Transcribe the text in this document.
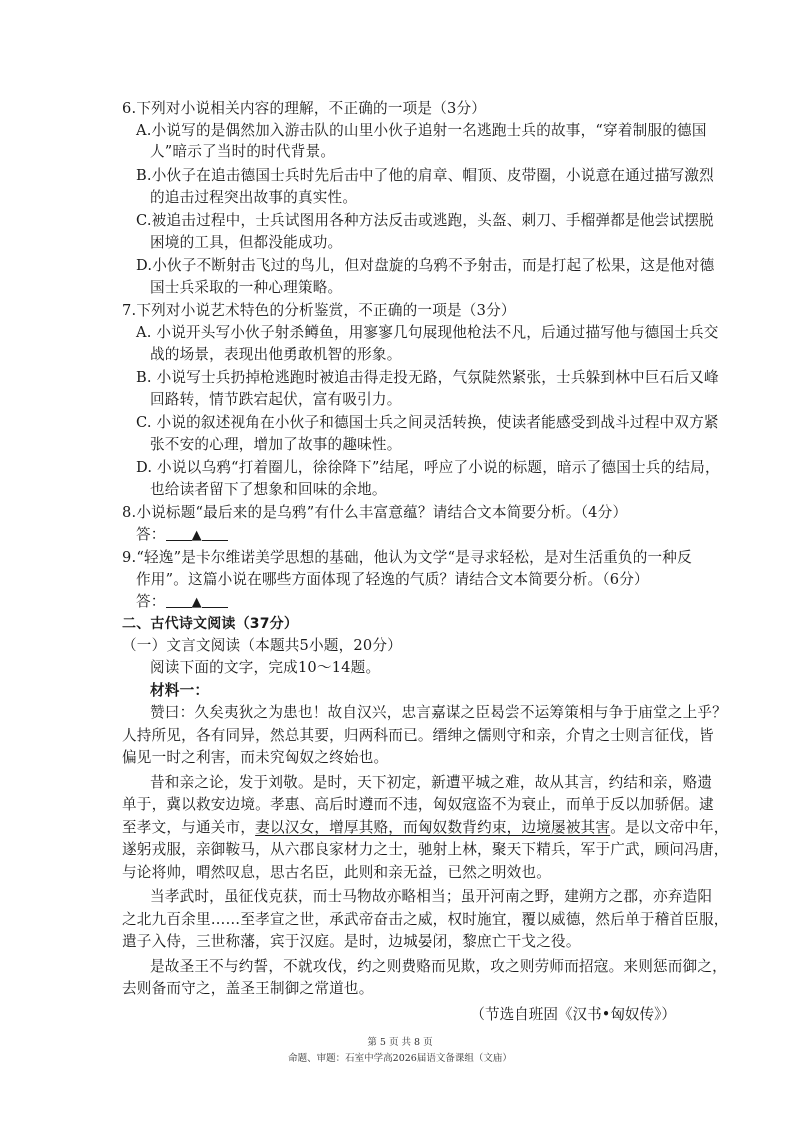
6.下列对小说相关内容的理解，不正确的一项是（3分）
A.小说写的是偶然加入游击队的山里小伙子追射一名逃跑士兵的故事，“穿着制服的德国
人”暗示了当时的时代背景。
B.小伙子在追击德国士兵时先后击中了他的肩章、帽顶、皮带圈，小说意在通过描写激烈
的追击过程突出故事的真实性。
C.被追击过程中，士兵试图用各种方法反击或逃跑，头盔、刺刀、手榴弹都是他尝试摆脱
困境的工具，但都没能成功。
D.小伙子不断射击飞过的鸟儿，但对盘旋的乌鸦不予射击，而是打起了松果，这是他对德
国士兵采取的一种心理策略。
7.下列对小说艺术特色的分析鉴赏，不正确的一项是（3分）
A. 小说开头写小伙子射杀鳟鱼，用寥寥几句展现他枪法不凡，后通过描写他与德国士兵交
战的场景，表现出他勇敢机智的形象。
B. 小说写士兵扔掉枪逃跑时被追击得走投无路，气氛陡然紧张，士兵躲到林中巨石后又峰
回路转，情节跌宕起伏，富有吸引力。
C. 小说的叙述视角在小伙子和德国士兵之间灵活转换，使读者能感受到战斗过程中双方紧
张不安的心理，增加了故事的趣味性。
D. 小说以乌鸦“打着圈儿，徐徐降下”结尾，呼应了小说的标题，暗示了德国士兵的结局，
也给读者留下了想象和回味的余地。
8.小说标题“最后来的是乌鸦”有什么丰富意蕴？请结合文本简要分析。（4分）
答： ▲
9.“轻逸”是卡尔维诺美学思想的基础，他认为文学“是寻求轻松，是对生活重负的一种反
作用”。这篇小说在哪些方面体现了轻逸的气质？请结合文本简要分析。（6分）
答： ▲
二、古代诗文阅读（37分）
（一）文言文阅读（本题共5小题，20分）
阅读下面的文字，完成10～14题。
材料一：
赞曰：久矣夷狄之为患也！故自汉兴，忠言嘉谋之臣曷尝不运筹策相与争于庙堂之上乎？
人持所见，各有同异，然总其要，归两科而已。缙绅之儒则守和亲，介胄之士则言征伐，皆
偏见一时之利害，而未究匈奴之终始也。
昔和亲之论，发于刘敬。是时，天下初定，新遭平城之难，故从其言，约结和亲，赂遗
单于，冀以救安边境。孝惠、高后时遵而不违，匈奴寇盗不为衰止，而单于反以加骄倨。逮
至孝文，与通关市，妻以汉女，增厚其赂，而匈奴数背约束，边境屡被其害。是以文帝中年，
遂躬戎服，亲御鞍马，从六郡良家材力之士，驰射上林，聚天下精兵，军于广武，顾问冯唐，
与论将帅，喟然叹息，思古名臣，此则和亲无益，已然之明效也。
当孝武时，虽征伐克获，而士马物故亦略相当；虽开河南之野，建朔方之郡，亦弃造阳
之北九百余里……至孝宣之世，承武帝奋击之威，权时施宜，覆以威德，然后单于稽首臣服，
遣子入侍，三世称藩，宾于汉庭。是时，边城晏闭，黎庶亡干戈之役。
是故圣王不与约誓，不就攻伐，约之则费赂而见欺，攻之则劳师而招寇。来则惩而御之，
去则备而守之，盖圣王制御之常道也。
（节选自班固《汉书•匈奴传》）
第 5 页 共 8 页
命题、审题：石室中学高2026届语文备课组（文庙）
